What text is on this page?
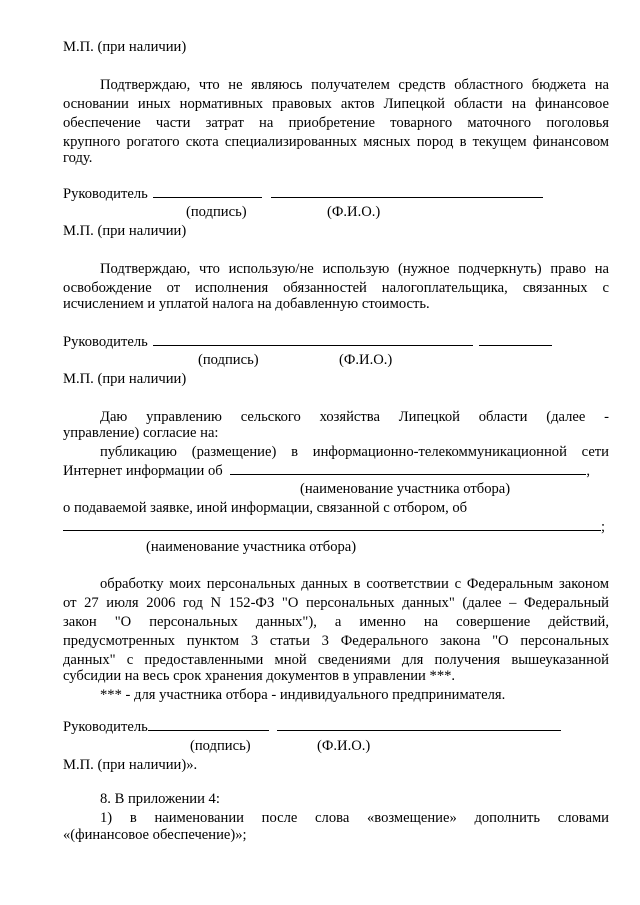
М.П. (при наличии)
Подтверждаю, что не являюсь получателем средств областного бюджета на
основании иных нормативных правовых актов Липецкой области на финансовое
обеспечение части затрат на приобретение товарного маточного поголовья
крупного рогатого скота специализированных мясных пород в текущем финансовом
году.
Руководитель
(подпись)	(Ф.И.О.)
М.П. (при наличии)
Подтверждаю, что использую/не использую (нужное подчеркнуть) право на
освобождение от исполнения обязанностей налогоплательщика, связанных с
исчислением и уплатой налога на добавленную стоимость.
Руководитель
(подпись)	(Ф.И.О.)
М.П. (при наличии)
Даю управлению сельского хозяйства Липецкой области (далее -
управление) согласие на:
публикацию (размещение) в информационно-телекоммуникационной сети
Интернет информации об	,
(наименование участника отбора)
о подаваемой заявке, иной информации, связанной с отбором, об
;
(наименование участника отбора)
обработку моих персональных данных в соответствии с Федеральным законом
от 27 июля 2006 год N 152-ФЗ "О персональных данных" (далее – Федеральный
закон "О персональных данных"), а именно на совершение действий,
предусмотренных пунктом 3 статьи 3 Федерального закона "О персональных
данных" с предоставленными мной сведениями для получения вышеуказанной
субсидии на весь срок хранения документов в управлении ***.
*** - для участника отбора - индивидуального предпринимателя.
Руководитель
(подпись)	(Ф.И.О.)
М.П. (при наличии)».
8. В приложении 4:
1) в наименовании после слова «возмещение» дополнить словами
«(финансовое обеспечение)»;
